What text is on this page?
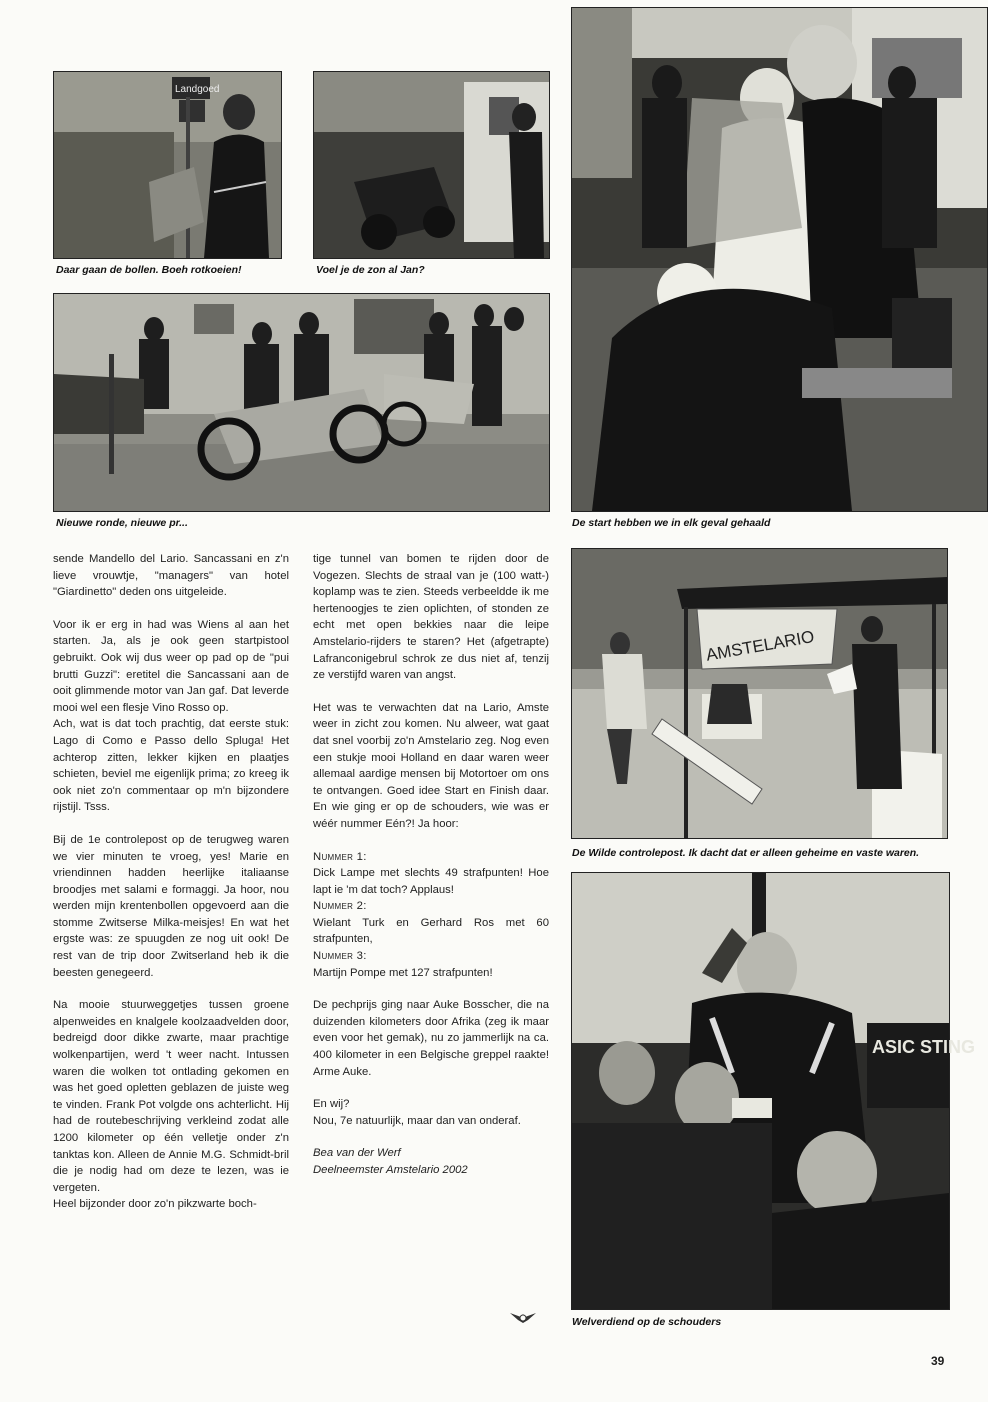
Landgoed
Daar gaan de bollen. Boeh rotkoeien!	Voel je de zon al Jan?
Nieuwe ronde, nieuwe pr...	De start hebben we in elk geval gehaald
AMSTELARIO
De Wilde controlepost. Ik dacht dat er alleen geheime en vaste waren.
ASIC STING
Welverdiend op de schouders

sende Mandello del Lario. Sancassani en z'n lieve vrouwtje, "managers" van hotel "Giardinetto" deden ons uitgeleide.

Voor ik er erg in had was Wiens al aan het starten. Ja, als je ook geen startpistool gebruikt. Ook wij dus weer op pad op de "pui brutti Guzzi": eretitel die Sancassani aan de ooit glimmende motor van Jan gaf. Dat leverde mooi wel een flesje Vino Rosso op.

Ach, wat is dat toch prachtig, dat eerste stuk: Lago di Como e Passo dello Spluga! Het achterop zitten, lekker kijken en plaatjes schieten, beviel me eigenlijk prima; zo kreeg ik ook niet zo'n commentaar op m'n bijzondere rijstijl. Tsss.

Bij de 1e controlepost op de terugweg waren we vier minuten te vroeg, yes! Marie en vriendinnen hadden heerlijke italiaanse broodjes met salami e formaggi. Ja hoor, nou werden mijn krentenbollen opgevoerd aan die stomme Zwitserse Milka-meisjes! En wat het ergste was: ze spuugden ze nog uit ook! De rest van de trip door Zwitserland heb ik die beesten genegeerd.

Na mooie stuurweggetjes tussen groene alpenweides en knalgele koolzaadvelden door, bedreigd door dikke zwarte, maar prachtige wolkenpartijen, werd 't weer nacht. Intussen waren die wolken tot ontlading gekomen en was het goed opletten geblazen de juiste weg te vinden. Frank Pot volgde ons achterlicht. Hij had de routebeschrijving verkleind zodat alle 1200 kilometer op één velletje onder z'n tanktas kon. Alleen de Annie M.G. Schmidt-bril die je nodig had om deze te lezen, was ie vergeten.

Heel bijzonder door zo'n pikzwarte boch-

tige tunnel van bomen te rijden door de Vogezen. Slechts de straal van je (100 watt-) koplamp was te zien. Steeds verbeeldde ik me hertenoogjes te zien oplichten, of stonden ze echt met open bekkies naar die leipe Amstelario-rijders te staren? Het (afgetrapte) Lafranconigebrul schrok ze dus niet af, tenzij ze verstijfd waren van angst.

Het was te verwachten dat na Lario, Amste weer in zicht zou komen. Nu alweer, wat gaat dat snel voorbij zo'n Amstelario zeg. Nog even een stukje mooi Holland en daar waren weer allemaal aardige mensen bij Motortoer om ons te ontvangen. Goed idee Start en Finish daar. En wie ging er op de schouders, wie was er wéér nummer Eén?! Ja hoor:

Nummer 1:

Dick Lampe met slechts 49 strafpunten! Hoe lapt ie 'm dat toch? Applaus!

Nummer 2:

Wielant Turk en Gerhard Ros met 60 strafpunten,

Nummer 3:

Martijn Pompe met 127 strafpunten!

De pechprijs ging naar Auke Bosscher, die na duizenden kilometers door Afrika (zeg ik maar even voor het gemak), nu zo jammerlijk na ca. 400 kilometer in een Belgische greppel raakte! Arme Auke.

En wij?

Nou, 7e natuurlijk, maar dan van onderaf.

Bea van der Werf

Deelneemster Amstelario 2002

39
